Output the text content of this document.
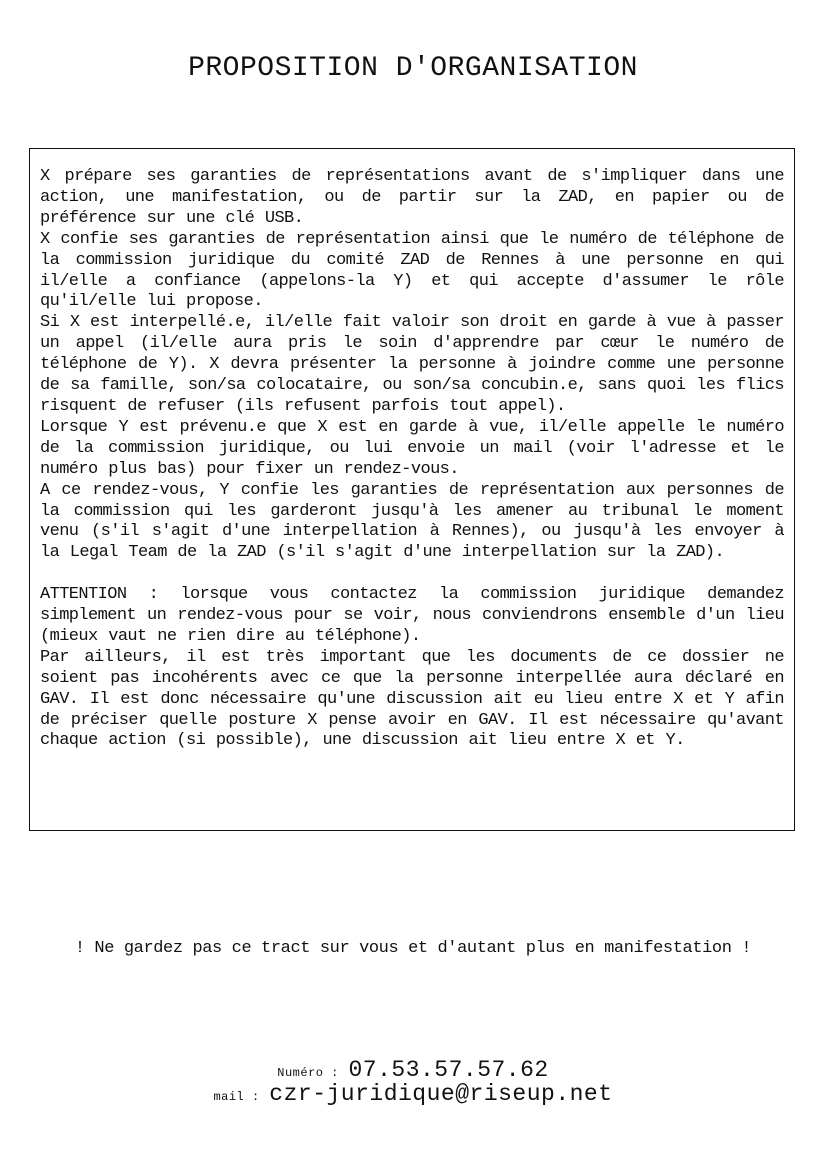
PROPOSITION D'ORGANISATION

X prépare ses garanties de représentations avant de s'impliquer dans une action, une manifestation, ou de partir sur la ZAD, en papier ou de préférence sur une clé USB.

X confie ses garanties de représentation ainsi que le numéro de téléphone de la commission juridique du comité ZAD de Rennes à une personne en qui il/elle a confiance (appelons-la Y) et qui accepte d'assumer le rôle qu'il/elle lui propose.

Si X est interpellé.e, il/elle fait valoir son droit en garde à vue à passer un appel (il/elle aura pris le soin d'apprendre par cœur le numéro de téléphone de Y). X devra présenter la personne à joindre comme une personne de sa famille, son/sa colocataire, ou son/sa concubin.e, sans quoi les flics risquent de refuser (ils refusent parfois tout appel).

Lorsque Y est prévenu.e que X est en garde à vue, il/elle appelle le numéro de la commission juridique, ou lui envoie un mail (voir l'adresse et le numéro plus bas) pour fixer un rendez-vous.

A ce rendez-vous, Y confie les garanties de représentation aux personnes de la commission qui les garderont jusqu'à les amener au tribunal le moment venu (s'il s'agit d'une interpellation à Rennes), ou jusqu'à les envoyer à la Legal Team de la ZAD (s'il s'agit d'une interpellation sur la ZAD).

ATTENTION : lorsque vous contactez la commission juridique demandez simplement un rendez-vous pour se voir, nous conviendrons ensemble d'un lieu (mieux vaut ne rien dire au téléphone).

Par ailleurs, il est très important que les documents de ce dossier ne soient pas incohérents avec ce que la personne interpellée aura déclaré en GAV. Il est donc nécessaire qu'une discussion ait eu lieu entre X et Y afin de préciser quelle posture X pense avoir en GAV. Il est nécessaire qu'avant chaque action (si possible), une discussion ait lieu entre X et Y.

! Ne gardez pas ce tract sur vous et d'autant plus en manifestation !
Numéro : 07.53.57.57.62
mail : czr-juridique@riseup.net
